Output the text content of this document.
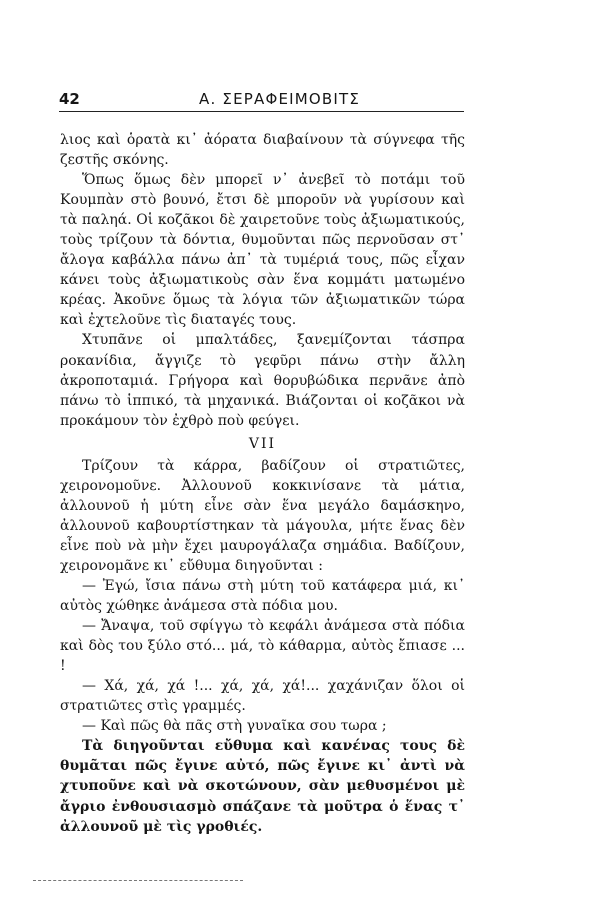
42	Α. ΣΕΡΑΦΕΙΜΟΒΙΤΣ

λιος καὶ ὁρατὰ κι᾿ ἀόρατα διαβαίνουν τὰ σύγνεφα τῆς ζεστῆς σκόνης.

Ὅπως ὅμως δὲν μπορεῖ ν᾿ ἀνεβεῖ τὸ ποτάμι τοῦ Κουμπὰν στὸ βουνό, ἔτσι δὲ μποροῦν νὰ γυρίσουν καὶ τὰ παληά. Οἱ κοζᾶκοι δὲ χαιρετοῦνε τοὺς ἀξιωματικούς, τοὺς τρίζουν τὰ δόντια, θυμοῦνται πῶς περνοῦσαν στ᾿ ἄλογα καβάλλα πάνω ἀπ᾿ τὰ τυμέριά τους, πῶς εἶχαν κάνει τοὺς ἀξιωματικοὺς σὰν ἕνα κομμάτι ματωμένο κρέας. Ἀκοῦνε ὅμως τὰ λόγια τῶν ἀξιωματικῶν τώρα καὶ ἐχτελοῦνε τὶς διαταγές τους.

Χτυπᾶνε οἱ μπαλτάδες, ξανεμίζονται τάσπρα ροκανίδια, ἄγγιζε τὸ γεφῦρι πάνω στὴν ἄλλη ἀκροποταμιά. Γρήγορα καὶ θορυβώδικα περνᾶνε ἀπὸ πάνω τὸ ἱππικό, τὰ μηχανικά. Βιάζονται οἱ κοζᾶκοι νὰ προκάμουν τὸν ἐχθρὸ ποὺ φεύγει.

VII

Τρίζουν τὰ κάρρα, βαδίζουν οἱ στρατιῶτες, χειρονομοῦνε. Ἀλλουνοῦ κοκκινίσανε τὰ μάτια, ἀλλουνοῦ ἡ μύτη εἶνε σὰν ἕνα μεγάλο δαμάσκηνο, ἀλλουνοῦ καβουρτίστηκαν τὰ μάγουλα, μήτε ἕνας δὲν εἶνε ποὺ νὰ μὴν ἔχει μαυρογάλαζα σημάδια. Βαδίζουν, χειρονομᾶνε κι᾿ εὔθυμα διηγοῦνται :

— Ἐγώ, ἴσια πάνω στὴ μύτη τοῦ κατάφερα μιά, κι᾿ αὐτὸς χώθηκε ἀνάμεσα στὰ πόδια μου.

— Ἄναψα, τοῦ σφίγγω τὸ κεφάλι ἀνάμεσα στὰ πόδια καὶ δὸς του ξύλο στό... μά, τὸ κάθαρμα, αὐτὸς ἔπιασε ... !

— Χά, χά, χά !... χά, χά, χά!... χαχάνιζαν ὅλοι οἱ στρατιῶτες στὶς γραμμές.

— Καὶ πῶς θὰ πᾶς στὴ γυναῖκα σου τωρα ;

Τὰ διηγοῦνται εὔθυμα καὶ κανένας τους δὲ θυμᾶται πῶς ἔγινε αὐτό, πῶς ἔγινε κι᾿ ἀντὶ νὰ χτυποῦνε καὶ νὰ σκοτώνουν, σὰν μεθυσμένοι μὲ ἄγριο ἐνθουσιασμὸ σπάζανε τὰ μοῦτρα ὁ ἕνας τ᾿ ἀλλουνοῦ μὲ τὶς γροθιές.
